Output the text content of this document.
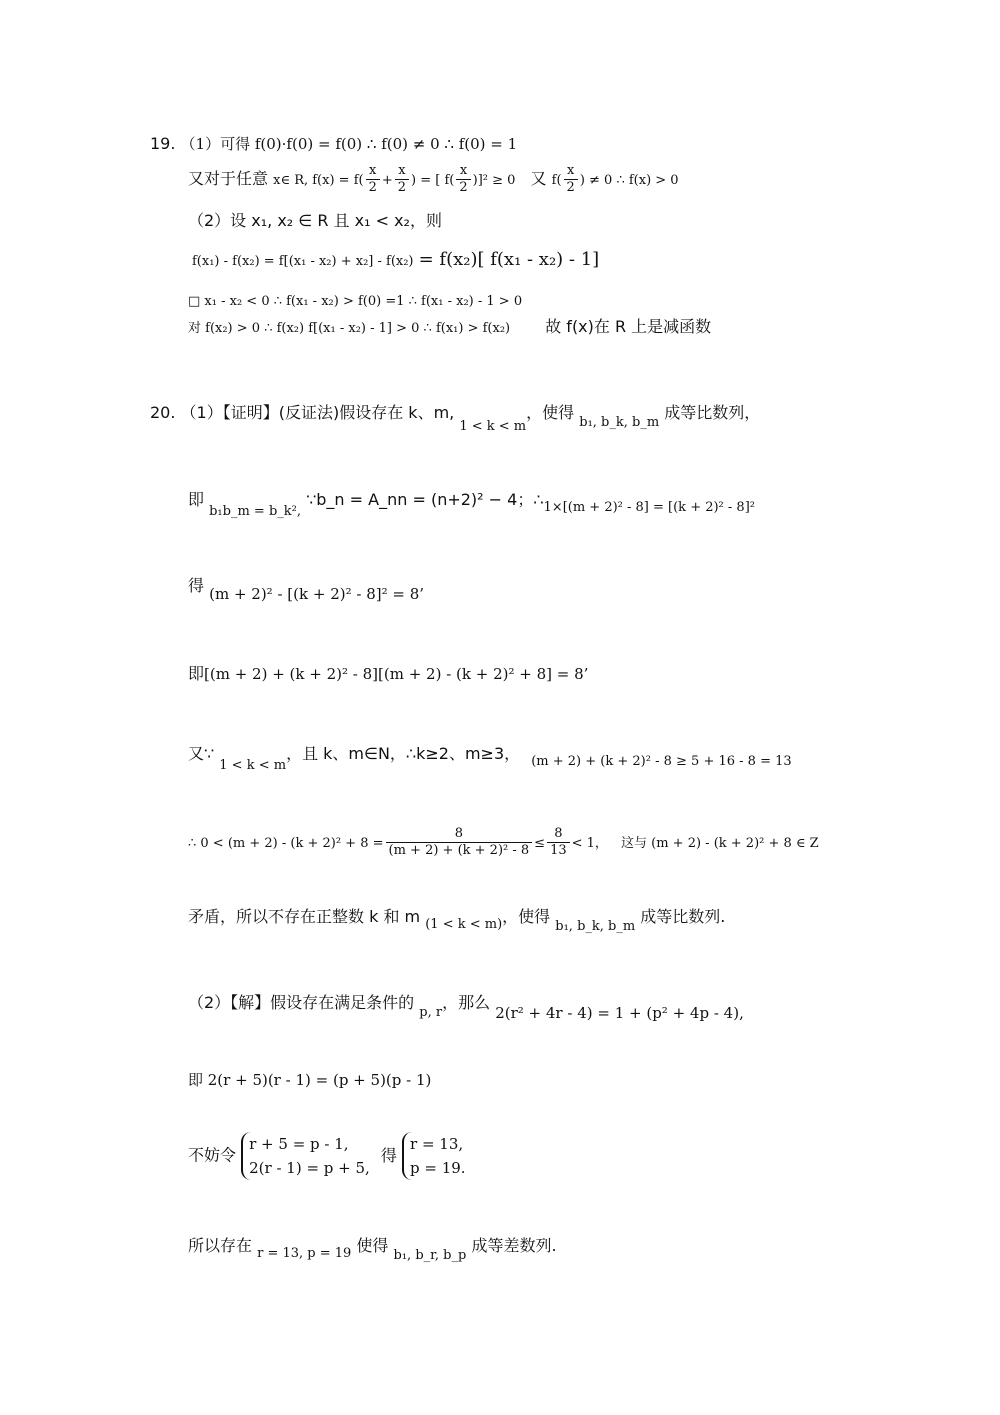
19. （1）可得 f(0)·f(0) = f(0) ∴ f(0) ≠ 0 ∴ f(0) = 1
又对于任意 x∈ R, $f(x) = f( \frac{x}{2} + \frac{x}{2}$ ) = [ $f( \frac{x}{2} )]^2 \ge 0$ 又 $f( \frac{x}{2}$ ) ≠ 0 ∴ f(x) > 0
（2）设 x₁, x₂ ∈ R 且 x₁ < x₂，则
f(x₁) - f(x₂) = f[(x₁ - x₂) + x₂] - f(x₂) = f(x₂)[ f(x₁ - x₂) - 1]
□ x₁ - x₂ < 0 ∴ f(x₁ - x₂) > f(0) =1 ∴ f(x₁ - x₂) - 1 > 0
对 f(x₂) > 0 ∴ f(x₂) f[(x₁ - x₂) - 1] > 0 ∴ f(x₁) > f(x₂) 故 f(x)在 R 上是减函数
20. （1）【证明】(反证法)假设存在 k、m, $_{1 < k < m}$，使得 $_{b_1, b\_k, b\_m}$ 成等比数列，
即 $_{b_1b\_m = b\_k^2,}$ ∵b_n = A_nn = (n+2)² − 4；$\therefore_{1\times[(m + 2)^2 - 8] = [(k + 2)^2 - 8]^2}$
得 (m + 2)² - [(k + 2)² - 8]² = 8’
即[(m + 2) + (k + 2)² - 8][(m + 2) - (k + 2)² + 8] = 8’
又∵ $_{1 < k < m}$，且 k、m∈N，∴k≥2、m≥3， $_{(m + 2) + (k + 2)^2 - 8 \ge 5 + 16 - 8 = 13}$
∴ $0 < (m + 2) - (k + 2)^2 + 8 = \frac{8}{\text{(m + 2) + (k + 2)² - 8}} \le \frac{8}{13} < 1$， 这与 (m + 2) - (k + 2)² + 8 ∈ Z
矛盾，所以不存在正整数 k 和 m $_{(1 < k < m)}$，使得 $_{b_1, b\_k, b\_m}$ 成等比数列.
（2）【解】假设存在满足条件的 $_{p, r}$，那么 2(r² + 4r - 4) = 1 + (p² + 4p - 4),
即 2(r + 5)(r - 1) = (p + 5)(p - 1)
不妨令
r + 5 = p - 1,
2(r - 1) = p + 5,
得
r = 13,
p = 19.
所以存在 $_{r = 13, p = 19}$ 使得 $_{b_1, b\_r, b\_p}$ 成等差数列.
